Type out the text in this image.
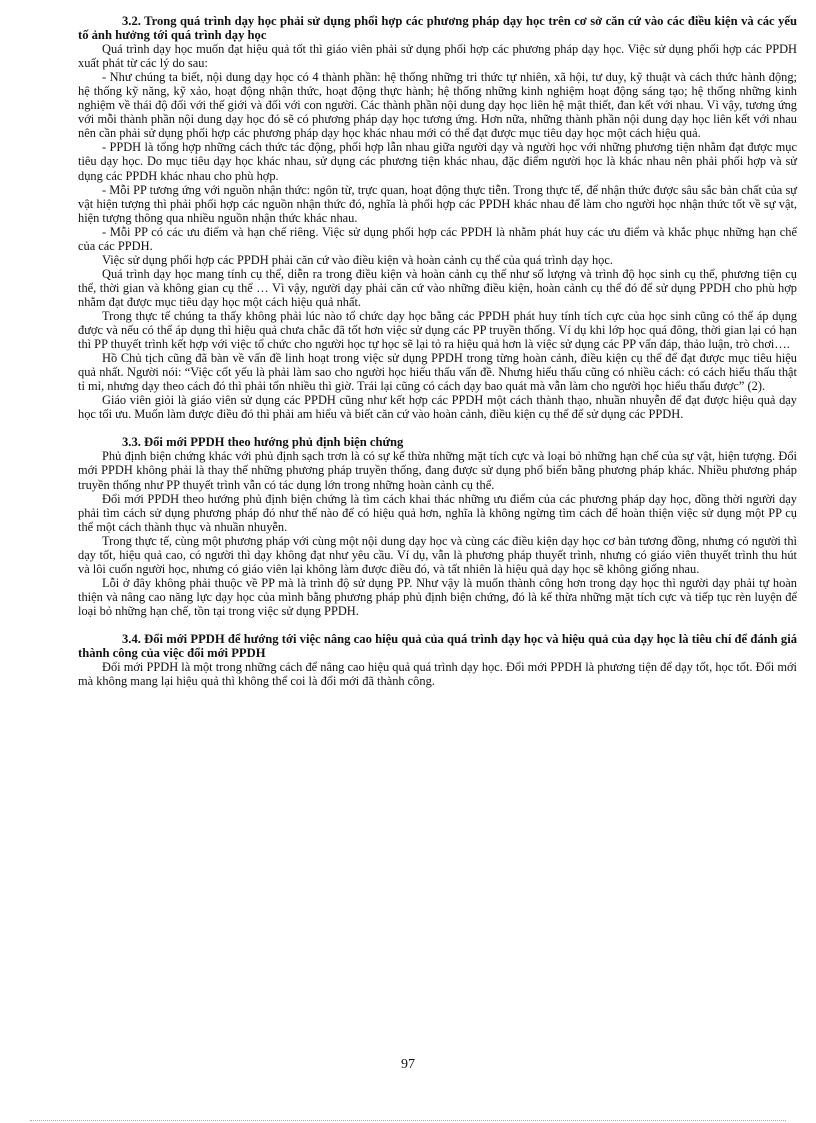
3.2. Trong quá trình dạy học phải sử dụng phối hợp các phương pháp dạy học trên cơ sở căn cứ vào các điều kiện và các yếu tố ảnh hưởng tới quá trình dạy học

Quá trình dạy học muốn đạt hiệu quả tốt thì giáo viên phải sử dụng phối hợp các phương pháp dạy học. Việc sử dụng phối hợp các PPDH xuất phát từ các lý do sau:

- Như chúng ta biết, nội dung dạy học có 4 thành phần: hệ thống những tri thức tự nhiên, xã hội, tư duy, kỹ thuật và cách thức hành động; hệ thống kỹ năng, kỹ xảo, hoạt động nhận thức, hoạt động thực hành; hệ thống những kinh nghiệm hoạt động sáng tạo; hệ thống những kinh nghiệm về thái độ đối với thế giới và đối với con người. Các thành phần nội dung dạy học liên hệ mật thiết, đan kết với nhau. Vì vậy, tương ứng với mỗi thành phần nội dung dạy học đó sẽ có phương pháp dạy học tương ứng. Hơn nữa, những thành phần nội dung dạy học liên kết với nhau nên cần phải sử dụng phối hợp các phương pháp dạy học khác nhau mới có thể đạt được mục tiêu dạy học một cách hiệu quả.

- PPDH là tổng hợp những cách thức tác động, phối hợp lẫn nhau giữa người dạy và người học với những phương tiện nhằm đạt được mục tiêu dạy học. Do mục tiêu dạy học khác nhau, sử dụng các phương tiện khác nhau, đặc điểm người học là khác nhau nên phải phối hợp và sử dụng các PPDH khác nhau cho phù hợp.

- Mỗi PP tương ứng với nguồn nhận thức: ngôn từ, trực quan, hoạt động thực tiễn. Trong thực tế, để nhận thức được sâu sắc bản chất của sự vật hiện tượng thì phải phối hợp các nguồn nhận thức đó, nghĩa là phối hợp các PPDH khác nhau để làm cho người học nhận thức tốt về sự vật, hiện tượng thông qua nhiều nguồn nhận thức khác nhau.

- Mỗi PP có các ưu điểm và hạn chế riêng. Việc sử dụng phối hợp các PPDH là nhằm phát huy các ưu điểm và khắc phục những hạn chế của các PPDH.

Việc sử dụng phối hợp các PPDH phải căn cứ vào điều kiện và hoàn cảnh cụ thể của quá trình dạy học.

Quá trình dạy học mang tính cụ thể, diễn ra trong điều kiện và hoàn cảnh cụ thể như số lượng và trình độ học sinh cụ thể, phương tiện cụ thể, thời gian và không gian cụ thể … Vì vậy, người dạy phải căn cứ vào những điều kiện, hoàn cảnh cụ thể đó để sử dụng PPDH cho phù hợp nhằm đạt được mục tiêu dạy học một cách hiệu quả nhất.

Trong thực tế chúng ta thấy không phải lúc nào tổ chức dạy học bằng các PPDH phát huy tính tích cực của học sinh cũng có thể áp dụng được và nếu có thể áp dụng thì hiệu quả chưa chắc đã tốt hơn việc sử dụng các PP truyền thống. Ví dụ khi lớp học quá đông, thời gian lại có hạn thì PP thuyết trình kết hợp với việc tổ chức cho người học tự học sẽ lại tỏ ra hiệu quả hơn là việc sử dụng các PP vấn đáp, thảo luận, trò chơi….

Hồ Chủ tịch cũng đã bàn về vấn đề linh hoạt trong việc sử dụng PPDH trong từng hoàn cảnh, điều kiện cụ thể để đạt được mục tiêu hiệu quả nhất. Người nói: “Việc cốt yếu là phải làm sao cho người học hiểu thấu vấn đề. Nhưng hiểu thấu cũng có nhiều cách: có cách hiểu thấu thật tỉ mỉ, nhưng dạy theo cách đó thì phải tốn nhiều thì giờ. Trái lại cũng có cách dạy bao quát mà vẫn làm cho người học hiểu thấu được” (2).

Giáo viên giỏi là giáo viên sử dụng các PPDH cũng như kết hợp các PPDH một cách thành thạo, nhuần nhuyễn để đạt được hiệu quả dạy học tối ưu. Muốn làm được điều đó thì phải am hiểu và biết căn cứ vào hoàn cảnh, điều kiện cụ thể để sử dụng các PPDH.

3.3. Đổi mới PPDH theo hướng phủ định biện chứng

Phủ định biện chứng khác với phủ định sạch trơn là có sự kế thừa những mặt tích cực và loại bỏ những hạn chế của sự vật, hiện tượng. Đổi mới PPDH không phải là thay thế những phương pháp truyền thống, đang được sử dụng phổ biến bằng phương pháp khác. Nhiều phương pháp truyền thống như PP thuyết trình vẫn có tác dụng lớn trong những hoàn cảnh cụ thể.

Đổi mới PPDH theo hướng phủ định biện chứng là tìm cách khai thác những ưu điểm của các phương pháp dạy học, đồng thời người dạy phải tìm cách sử dụng phương pháp đó như thế nào để có hiệu quả hơn, nghĩa là không ngừng tìm cách để hoàn thiện việc sử dụng một PP cụ thể một cách thành thục và nhuần nhuyễn.

Trong thực tế, cùng một phương pháp với cùng một nội dung dạy học và cùng các điều kiện dạy học cơ bản tương đồng, nhưng có người thì dạy tốt, hiệu quả cao, có người thì dạy không đạt như yêu cầu. Ví dụ, vẫn là phương pháp thuyết trình, nhưng có giáo viên thuyết trình thu hút và lôi cuốn người học, nhưng có giáo viên lại không làm được điều đó, và tất nhiên là hiệu quả dạy học sẽ không giống nhau.

Lỗi ở đây không phải thuộc về PP mà là trình độ sử dụng PP. Như vậy là muốn thành công hơn trong dạy học thì người dạy phải tự hoàn thiện và nâng cao năng lực dạy học của mình bằng phương pháp phủ định biện chứng, đó là kế thừa những mặt tích cực và tiếp tục rèn luyện để loại bỏ những hạn chế, tồn tại trong việc sử dụng PPDH.

3.4. Đổi mới PPDH để hướng tới việc nâng cao hiệu quả của quá trình dạy học và hiệu quả của dạy học là tiêu chí để đánh giá thành công của việc đổi mới PPDH

Đổi mới PPDH là một trong những cách để nâng cao hiệu quả quá trình dạy học. Đổi mới PPDH là phương tiện để dạy tốt, học tốt. Đổi mới mà không mang lại hiệu quả thì không thể coi là đổi mới đã thành công.

97
